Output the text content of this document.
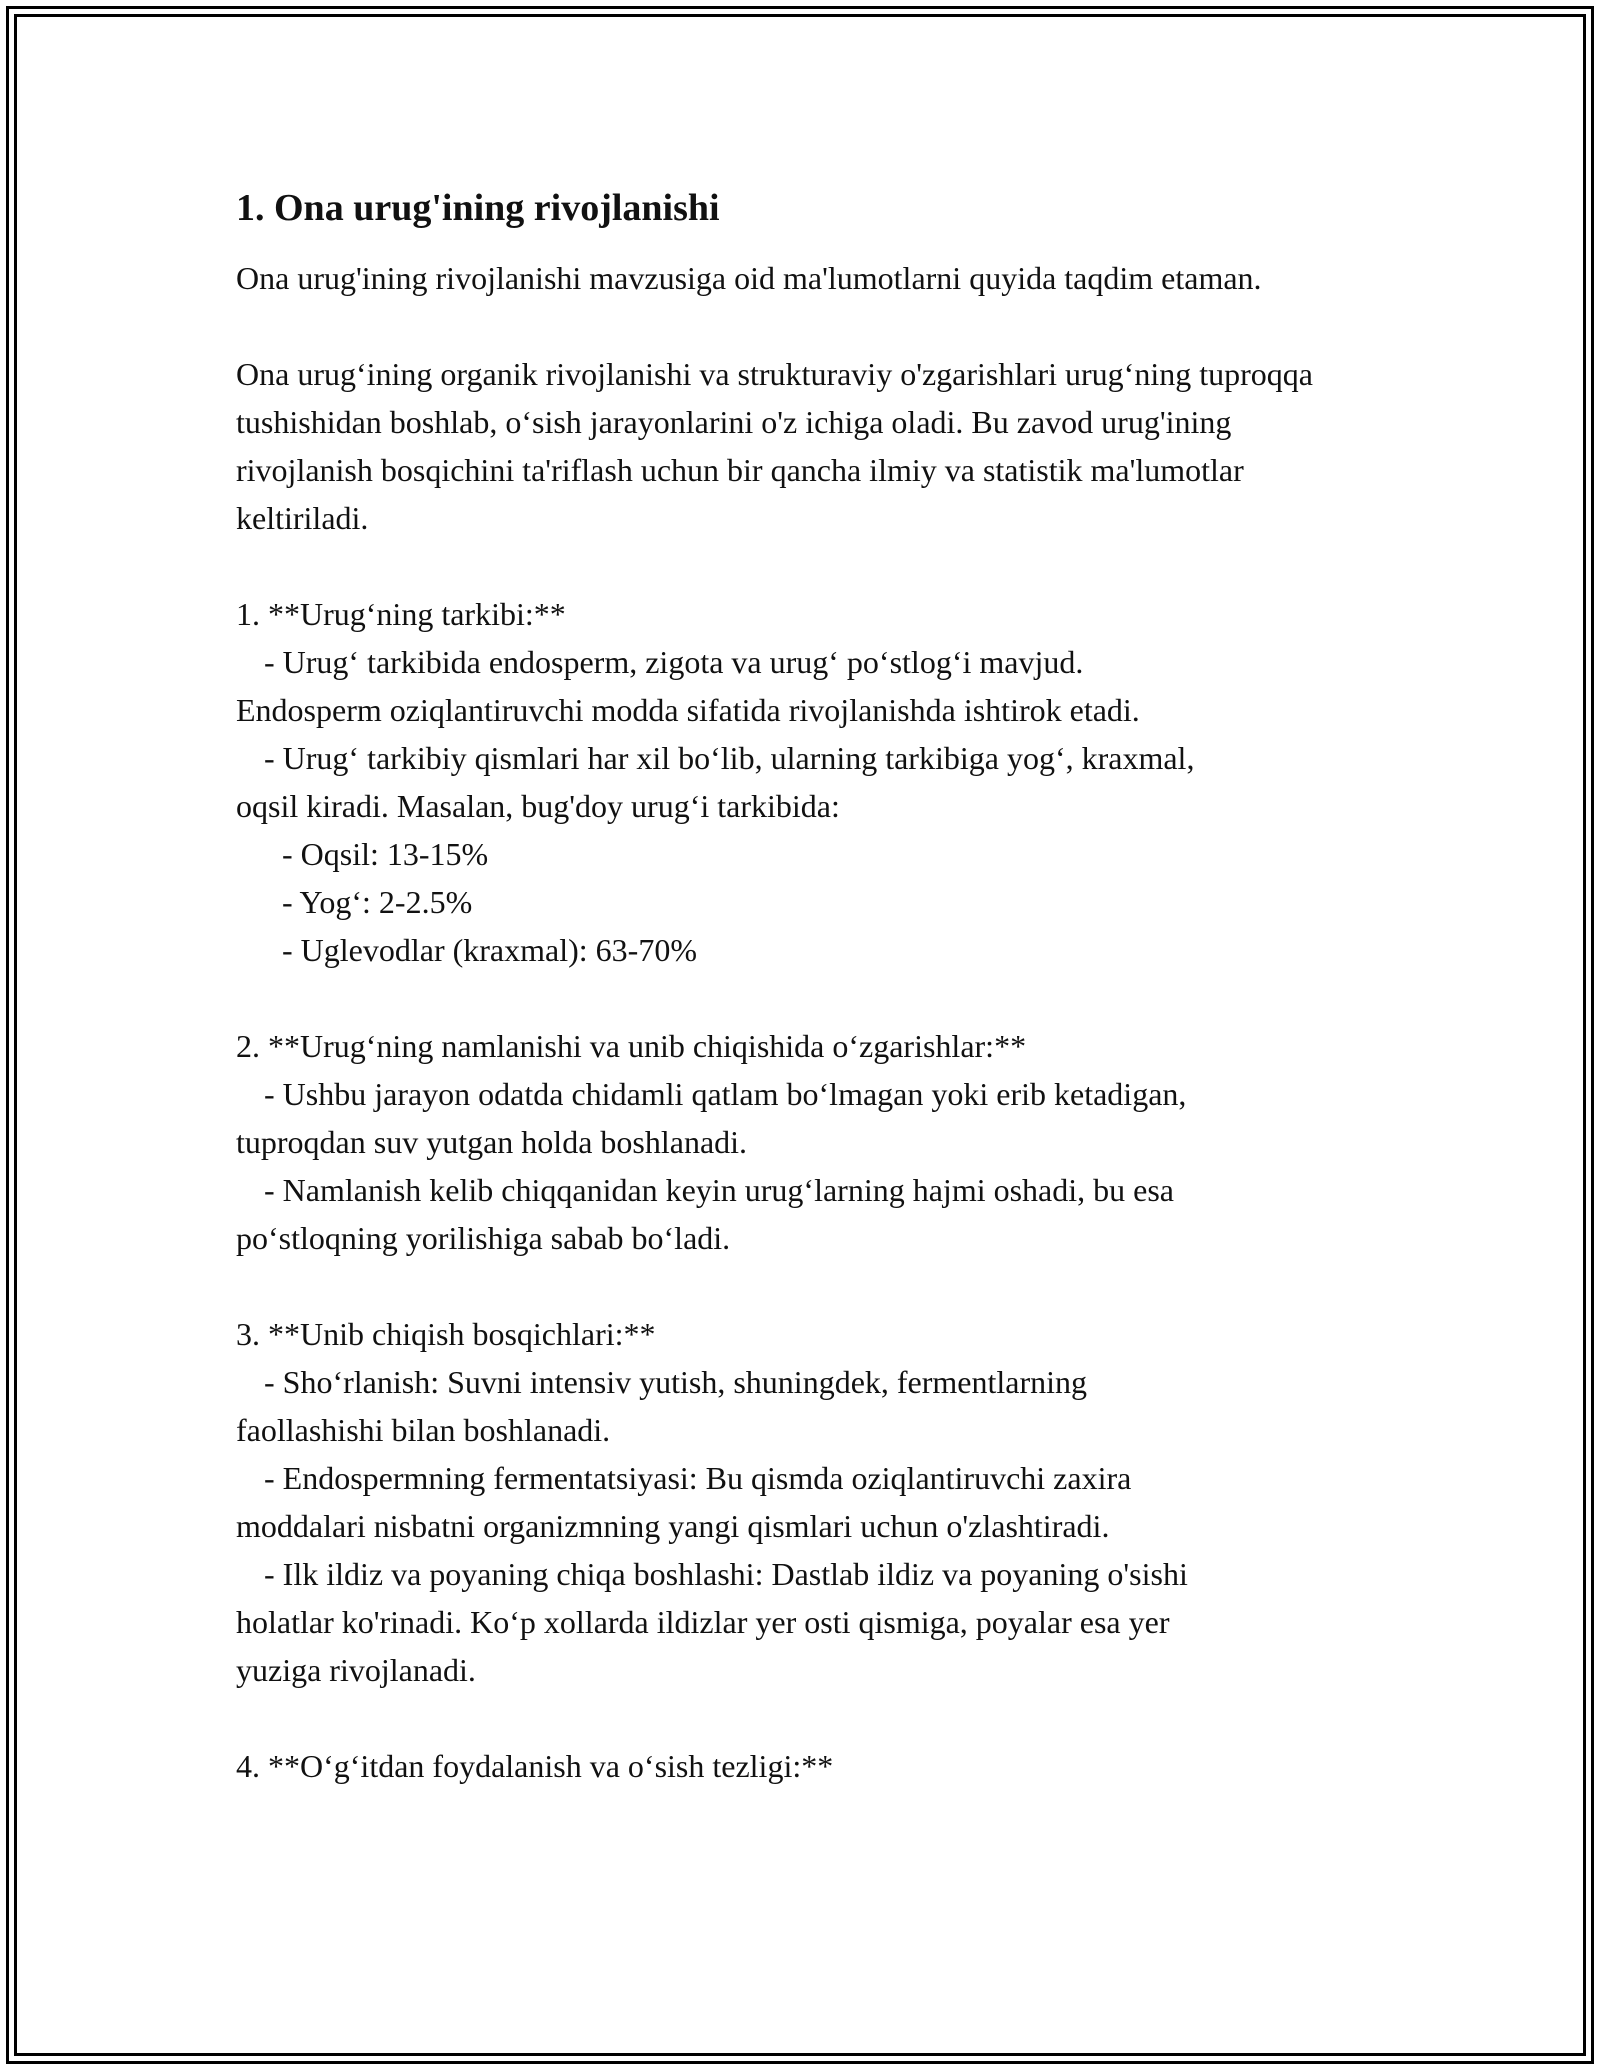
1. Ona urug'ining rivojlanishi

Ona urug'ining rivojlanishi mavzusiga oid ma'lumotlarni quyida taqdim etaman.

Ona urug‘ining organik rivojlanishi va strukturaviy o'zgarishlari urug‘ning tuproqqa tushishidan boshlab, o‘sish jarayonlarini o'z ichiga oladi. Bu zavod urug'ining rivojlanish bosqichini ta'riflash uchun bir qancha ilmiy va statistik ma'lumotlar keltiriladi.

1. **Urug‘ning tarkibi:**

- Urug‘ tarkibida endosperm, zigota va urug‘ po‘stlog‘i mavjud.

Endosperm oziqlantiruvchi modda sifatida rivojlanishda ishtirok etadi.

- Urug‘ tarkibiy qismlari har xil bo‘lib, ularning tarkibiga yog‘, kraxmal,

oqsil kiradi. Masalan, bug'doy urug‘i tarkibida:

- Oqsil: 13-15%

- Yog‘: 2-2.5%

- Uglevodlar (kraxmal): 63-70%

2. **Urug‘ning namlanishi va unib chiqishida o‘zgarishlar:**

- Ushbu jarayon odatda chidamli qatlam bo‘lmagan yoki erib ketadigan,

tuproqdan suv yutgan holda boshlanadi.

- Namlanish kelib chiqqanidan keyin urug‘larning hajmi oshadi, bu esa

po‘stloqning yorilishiga sabab bo‘ladi.

3. **Unib chiqish bosqichlari:**

- Sho‘rlanish: Suvni intensiv yutish, shuningdek, fermentlarning

faollashishi bilan boshlanadi.

- Endospermning fermentatsiyasi: Bu qismda oziqlantiruvchi zaxira

moddalari nisbatni organizmning yangi qismlari uchun o'zlashtiradi.

- Ilk ildiz va poyaning chiqa boshlashi: Dastlab ildiz va poyaning o'sishi

holatlar ko'rinadi. Ko‘p xollarda ildizlar yer osti qismiga, poyalar esa yer

yuziga rivojlanadi.

4. **O‘g‘itdan foydalanish va o‘sish tezligi:**
